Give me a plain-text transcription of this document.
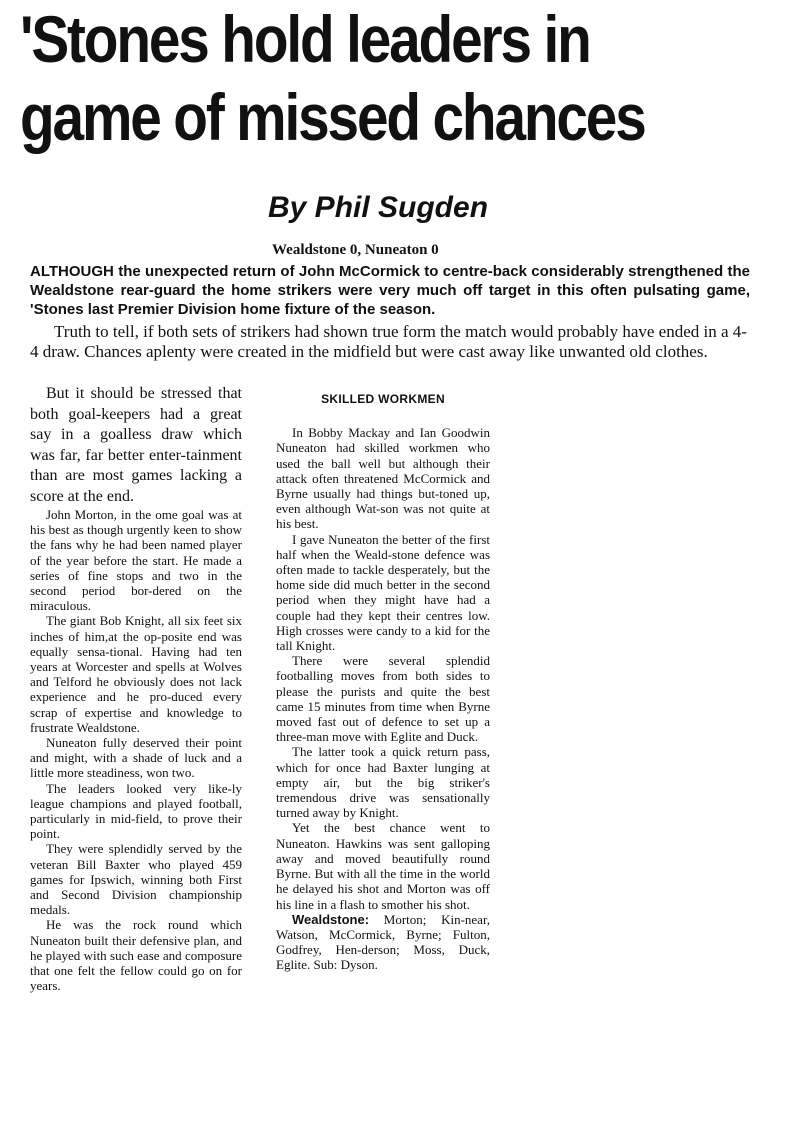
'Stones hold leaders in
game of missed chances
By Phil Sugden
Wealdstone 0, Nuneaton 0
ALTHOUGH the unexpected return of John McCormick to centre-back considerably strengthened the Wealdstone rear-guard the home strikers were very much off target in this often pulsating game, 'Stones last Premier Division home fixture of the season.
Truth to tell, if both sets of strikers had shown true form the match would probably have ended in a 4-4 draw. Chances aplenty were created in the midfield but were cast away like unwanted old clothes.

But it should be stressed that both goal-keepers had a great say in a goalless draw which was far, far better enter-tainment than are most games lacking a score at the end.

John Morton, in the ome goal was at his best as though urgently keen to show the fans why he had been named player of the year before the start. He made a series of fine stops and two in the second period bor-dered on the miraculous.

The giant Bob Knight, all six feet six inches of him,at the op-posite end was equally sensa-tional. Having had ten years at Worcester and spells at Wolves and Telford he obviously does not lack experience and he pro-duced every scrap of expertise and knowledge to frustrate Wealdstone.

Nuneaton fully deserved their point and might, with a shade of luck and a little more steadiness, won two.

The leaders looked very like-ly league champions and played football, particularly in mid-field, to prove their point.

They were splendidly served by the veteran Bill Baxter who played 459 games for Ipswich, winning both First and Second Division championship medals.

He was the rock round which Nuneaton built their defensive plan, and he played with such ease and composure that one felt the fellow could go on for years.

SKILLED WORKMEN

In Bobby Mackay and Ian Goodwin Nuneaton had skilled workmen who used the ball well but although their attack often threatened McCormick and Byrne usually had things but-toned up, even although Wat-son was not quite at his best.

I gave Nuneaton the better of the first half when the Weald-stone defence was often made to tackle desperately, but the home side did much better in the second period when they might have had a couple had they kept their centres low. High crosses were candy to a kid for the tall Knight.

There were several splendid footballing moves from both sides to please the purists and quite the best came 15 minutes from time when Byrne moved fast out of defence to set up a three-man move with Eglite and Duck.

The latter took a quick return pass, which for once had Baxter lunging at empty air, but the big striker's tremendous drive was sensationally turned away by Knight.

Yet the best chance went to Nuneaton. Hawkins was sent galloping away and moved beautifully round Byrne. But with all the time in the world he delayed his shot and Morton was off his line in a flash to smother his shot.

Wealdstone: Morton; Kin-near, Watson, McCormick, Byrne; Fulton, Godfrey, Hen-derson; Moss, Duck, Eglite. Sub: Dyson.
